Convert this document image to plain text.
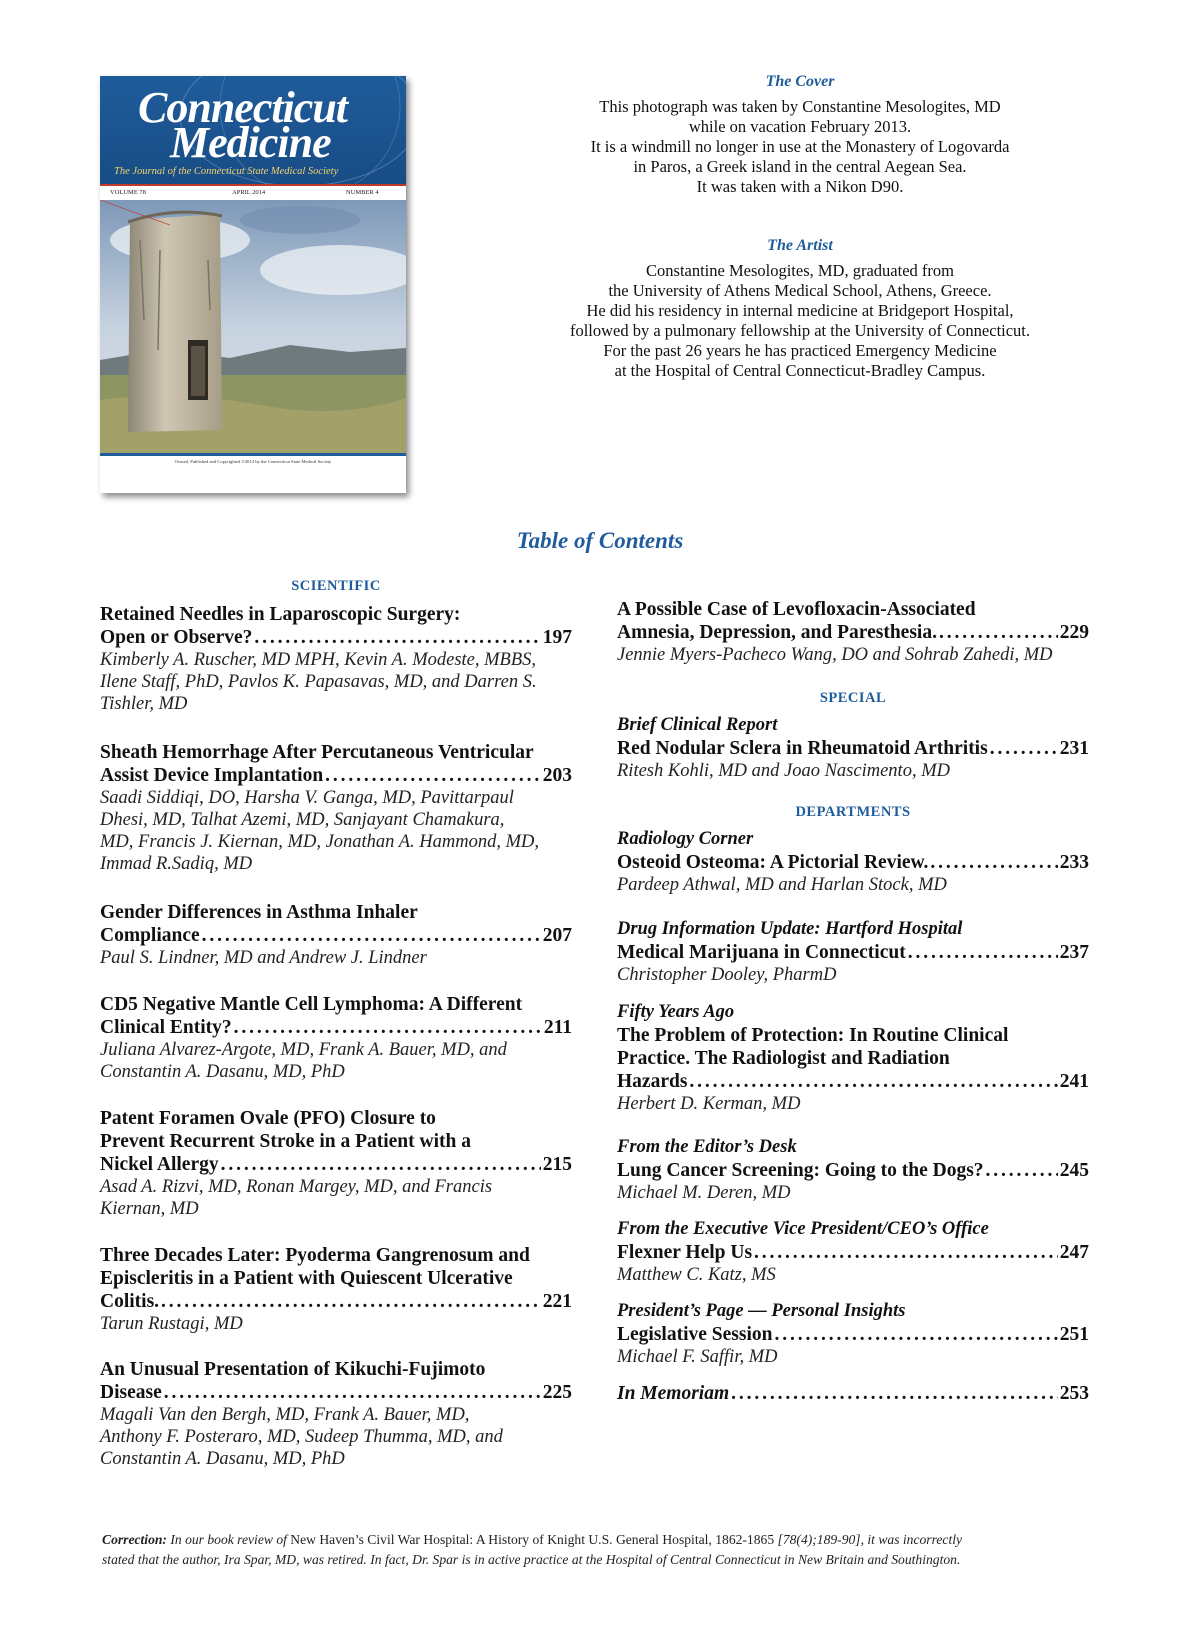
Connecticut
Medicine
The Journal of the Connecticut State Medical Society
VOLUME 78	APRIL 2014	NUMBER 4
Owned, Published and Copyrighted ©2014 by the Connecticut State Medical Society
The Cover
This photograph was taken by Constantine Mesologites, MD
while on vacation February 2013.
It is a windmill no longer in use at the Monastery of Logovarda
in Paros, a Greek island in the central Aegean Sea.
It was taken with a Nikon D90.
The Artist
Constantine Mesologites, MD, graduated from
the University of Athens Medical School, Athens, Greece.
He did his residency in internal medicine at Bridgeport Hospital,
followed by a pulmonary fellowship at the University of Connecticut.
For the past 26 years he has practiced Emergency Medicine
at the Hospital of Central Connecticut-Bradley Campus.
Table of Contents
SCIENTIFIC
Retained Needles in Laparoscopic Surgery:
Open or Observe? . . .	197
Kimberly A. Ruscher, MD MPH, Kevin A. Modeste, MBBS,
Ilene Staff, PhD, Pavlos K. Papasavas, MD, and Darren S.
Tishler, MD
Sheath Hemorrhage After Percutaneous Ventricular
Assist Device Implantation . . .	203
Saadi Siddiqi, DO, Harsha V. Ganga, MD, Pavittarpaul
Dhesi, MD, Talhat Azemi, MD, Sanjayant Chamakura,
MD, Francis J. Kiernan, MD, Jonathan A. Hammond, MD,
Immad R.Sadiq, MD
Gender Differences in Asthma Inhaler
Compliance . . .	207
Paul S. Lindner, MD and Andrew J. Lindner
CD5 Negative Mantle Cell Lymphoma: A Different
Clinical Entity? . . .	211
Juliana Alvarez-Argote, MD, Frank A. Bauer, MD, and
Constantin A. Dasanu, MD, PhD
Patent Foramen Ovale (PFO) Closure to
Prevent Recurrent Stroke in a Patient with a
Nickel Allergy . . .	215
Asad A. Rizvi, MD, Ronan Margey, MD, and Francis
Kiernan, MD
Three Decades Later: Pyoderma Gangrenosum and
Episcleritis in a Patient with Quiescent Ulcerative
Colitis. . . .	221
Tarun Rustagi, MD
An Unusual Presentation of Kikuchi-Fujimoto
Disease . . .	225
Magali Van den Bergh, MD, Frank A. Bauer, MD,
Anthony F. Posteraro, MD, Sudeep Thumma, MD, and
Constantin A. Dasanu, MD, PhD
A Possible Case of Levofloxacin-Associated
Amnesia, Depression, and Paresthesia. . . .	229
Jennie Myers-Pacheco Wang, DO and Sohrab Zahedi, MD
SPECIAL
Brief Clinical Report
Red Nodular Sclera in Rheumatoid Arthritis . . .	231
Ritesh Kohli, MD and Joao Nascimento, MD
DEPARTMENTS
Radiology Corner
Osteoid Osteoma: A Pictorial Review. . . .	233
Pardeep Athwal, MD and Harlan Stock, MD
Drug Information Update: Hartford Hospital
Medical Marijuana in Connecticut . . .	237
Christopher Dooley, PharmD
Fifty Years Ago
The Problem of Protection: In Routine Clinical
Practice. The Radiologist and Radiation
Hazards . . .	241
Herbert D. Kerman, MD
From the Editor’s Desk
Lung Cancer Screening: Going to the Dogs? . . .	245
Michael M. Deren, MD
From the Executive Vice President/CEO’s Office
Flexner Help Us . . .	247
Matthew C. Katz, MS
President’s Page — Personal Insights
Legislative Session . . .	251
Michael F. Saffir, MD
In Memoriam . . .	253
Correction: In our book review of New Haven’s Civil War Hospital: A History of Knight U.S. General Hospital, 1862-1865 [78(4);189-90], it was incorrectly
stated that the author, Ira Spar, MD, was retired. In fact, Dr. Spar is in active practice at the Hospital of Central Connecticut in New Britain and Southington.
